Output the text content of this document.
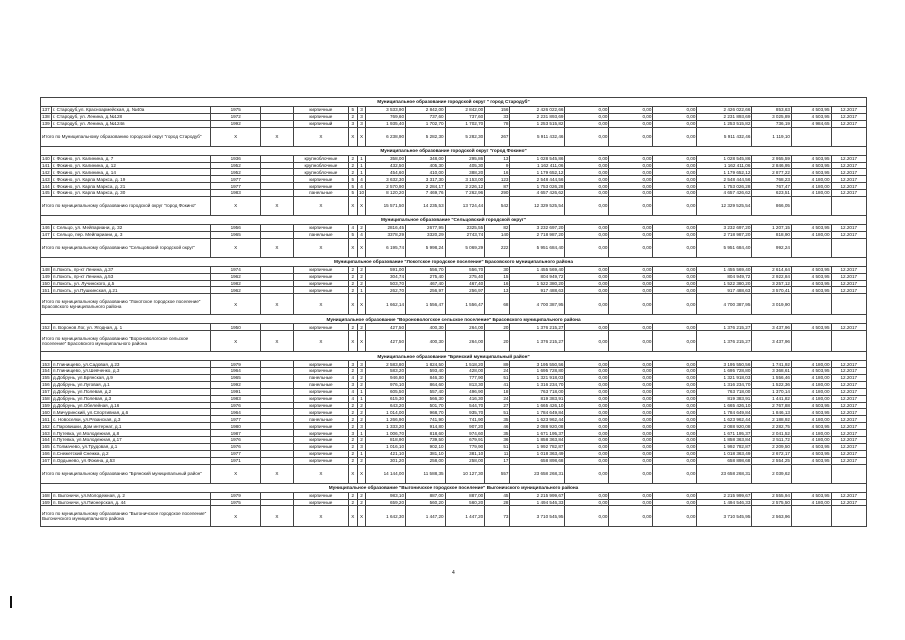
Муниципальное образование городской округ " город Стародуб"																		
137	г. Стародуб,ул. Красноармейская, д. №40а	1975		кирпичные	5	3	3 533,90	2 842,00	2 842,00	156	2 426 022,66	0,00	0,00	0,00	2 426 022,66	853,63	4 503,95	12.2017
138	г. Стародуб, ул. Ленина, д.№128	1972		кирпичные	2	3	769,60	737,60	737,60	33	2 231 893,69	0,00	0,00	0,00	2 231 893,69	3 025,89	4 503,95	12.2017
139	г. Стародуб, ул. Ленина, д.№124в	1992		кирпичный	3	3	1 935,40	1 702,70	1 702,70	78	1 253 515,82	0,00	0,00	0,00	1 253 515,82	736,19	4 984,65	12.2017
Итого по Муниципальному образованию городской округ "город Стародуб"		X	X	X	X	X	6 238,90	5 282,30	5 282,30	267	5 911 432,46	0,00	0,00	0,00	5 911 432,46	1 119,10		
Муниципальное образование городской округ "город Фокино"																		
140	г. Фокино, ул. Калинина, д. 7	1936		крупноблочные	2	1	358,00	348,00	295,86	13	1 028 545,86	0,00	0,00	0,00	1 028 545,86	2 955,59	4 503,95	12.2017
141	г. Фокино, ул. Калинина, д. 12	1952		крупноблочные	2	1	432,50	405,30	405,30	9	1 162 411,06	0,00	0,00	0,00	1 162 411,06	2 846,95	4 503,95	12.2017
142	г. Фокино, ул. Калинина, д. 14	1952		крупноблочные	2	1	454,60	410,00	388,20	16	1 179 652,12	0,00	0,00	0,00	1 179 652,12	2 877,22	4 503,95	12.2017
143	г. Фокино, ул. Карла Маркса, д. 19	1977		кирпичные	5	4	3 632,30	3 317,30	3 153,00	123	2 548 444,56	0,00	0,00	0,00	2 548 444,56	768,23	4 180,00	12.2017
144	г. Фокино, ул. Карла Маркса, д. 21	1977		кирпичные	5	4	2 570,90	2 284,17	2 226,12	87	1 753 026,28	0,00	0,00	0,00	1 753 026,28	767,47	4 180,00	12.2017
145	г. Фокино, ул. Карла Маркса, д. 30	1983		панельные	5	10	8 120,20	7 469,76	7 262,96	290	4 657 426,62	0,00	0,00	0,00	4 657 426,62	623,51	4 180,00	12.2017
Итого по муниципальному образованию городской округ "город Фокино"		X	X	X	X	X	15 571,50	14 235,53	13 724,44	542	12 329 525,54	0,00	0,00	0,00	12 329 525,54	866,05		
Муниципальное образование "Сельцовский городской округ"																		
146	г. Сельцо, ул. Мейпариани, д. 32	1956		кирпичные	4	2	2816,45	2677,95	2325,55	82	3 232 697,20	0,00	0,00	0,00	3 232 697,20	1 207,15	4 503,95	12.2017
147	г. Сельцо, пер. Мейпариани, д. 3	1965		панельные	5	4	3378,29	3320,29	2743,74	140	2 718 987,20	0,00	0,00	0,00	2 718 987,20	818,90	4 180,00	12.2017
Итого по муниципальному образованию "Сельцовский городской округ"		X	X	X	X	X	6 195,74	5 998,24	5 069,29	222	5 951 684,40	0,00	0,00	0,00	5 951 684,40	992,24		
Муниципальное образование "Локотское городское поселение" Брасовского муниципального района																		
148	п.Локоть, пр-кт Ленина, д.37	1974		кирпичные	2	2	591,00	556,70	556,70	30	1 455 569,40	0,00	0,00	0,00	1 455 569,40	2 614,64	4 503,95	12.2017
149	п.Локоть, пр-кт Ленина, д.53	1962		кирпичные	2	2	304,74	275,40	275,40	15	804 949,72	0,00	0,00	0,00	804 949,72	2 922,84	4 503,95	12.2017
150	п.Локоть, ул. Лучинского, д.5	1982		кирпичные	2	2	503,70	467,40	467,40	16	1 522 380,20	0,00	0,00	0,00	1 522 380,20	3 257,12	4 503,95	12.2017
151	п.Локоть, ул.Пушкинская, д.21	1962		кирпичные	2	1	262,70	256,97	256,97	13	917 488,63	0,00	0,00	0,00	917 488,63	3 570,41	4 503,95	12.2017
Итого по муниципальному образованию "Локотское городское поселение" Брасовского муниципального района		X	X	X	X	X	1 662,14	1 556,47	1 556,47	68	4 700 387,95	0,00	0,00	0,00	4 700 387,95	3 019,90		
Муниципальное образование "Вороновологское сельское поселение" Брасовского муниципального района																		
152	п. Воронов Лог, ул. Ягодная, д. 1	1950		кирпичные	2	2	427,50	400,30	264,00	20	1 376 215,27	0,00	0,00	0,00	1 376 215,27	3 437,96	4 503,95	12.2017
Итого по муниципальному образованию "Вороновологское сельское поселение" Брасовского муниципального района		X	X	X	X	X	427,50	400,30	264,00	20	1 376 215,27	0,00	0,00	0,00	1 376 215,27	3 437,96		
Муниципальное образование "Брянский муниципальный район"																		
153	п.Глинищево, ул.Садовая, д.23	1979		кирпичные	3	3	2 583,80	1 824,50	1 518,20	89	3 195 550,56	0,00	0,00	0,00	3 195 550,56	1 741,92	4 180,00	12.2017
154	п.Глинищево, ул.Шевченко, д.3	1964		кирпичные	2	3	583,20	593,40	428,00	24	1 695 728,80	0,00	0,00	0,00	1 695 728,80	3 368,61	4 503,95	12.2017
155	д.Добрунь, ул.Брянская, д.9	1965		панельные	4	2	946,80	846,30	777,90	51	1 321 918,03	0,00	0,00	0,00	1 321 918,03	1 556,46	4 180,00	12.2017
156	д.Добрунь, ул.Луговая, д.1	1992		панельные	3	2	976,10	864,60	813,30	41	1 316 234,70	0,00	0,00	0,00	1 316 234,70	1 522,36	4 180,00	12.2017
157	д.Добрунь, ул.Полевая, д.2	1991		кирпичные	4	1	605,50	557,40	496,90	18	763 718,00	0,00	0,00	0,00	763 718,00	1 370,14	4 180,00	12.2017
158	д.Добрунь, ул.Полевая, д.3	1983		кирпичные	4	1	615,30	566,30	416,30	24	819 383,91	0,00	0,00	0,00	819 383,91	1 441,82	4 180,00	12.2017
159	д.Добрунь, ул.Обелейная, д.16	1976		кирпичные	2	2	643,20	501,70	544,70	27	1 665 426,10	0,00	0,00	0,00	1 665 426,10	2 767,88	4 503,95	12.2017
160	п.Мичуринский, ул.Спортивная, д.6	1964		кирпичные	2	2	1 014,00	968,70	935,70	51	1 784 649,84	0,00	0,00	0,00	1 784 649,84	1 846,13	4 503,95	12.2017
161	с. Новоселки, ул.Рязанская, д.3	1977		панельные	2	2	1 266,90	741,90	741,90	35	1 623 962,44	0,00	0,00	0,00	1 623 962,44	2 188,92	4 180,00	12.2017
162	с.Паровишки, Дом интернат, д.1	1980		кирпичные	2	3	1 333,20	914,80	907,20	46	2 088 920,08	0,00	0,00	0,00	2 088 920,08	2 282,75	4 503,95	12.2017
163	п.Путевка, ул.Молодежная, д.8	1987		кирпичные	3	1	1 006,70	818,60	974,60	35	1 671 195,37	0,00	0,00	0,00	1 671 195,37	2 041,52	4 180,00	12.2017
164	п.Путевка, ул.Молодежная, д.17	1976		кирпичные	2	2	818,90	739,50	679,91	36	1 858 363,84	0,00	0,00	0,00	1 858 363,84	2 511,72	4 180,00	12.2017
165	с.Толмачево, ул.Трудовая, д.1	1976		кирпичные	2	3	1 016,10	902,10	779,90	51	1 992 782,87	0,00	0,00	0,00	1 992 782,87	2 209,50	4 503,95	12.2017
166	п.Снежетский Снежка, д.2	1977		кирпичные	2	1	421,10	381,10	381,10	11	1 018 363,49	0,00	0,00	0,00	1 018 363,49	2 672,17	4 503,95	12.2017
167	п.Ордынево, ул.Фокина, д.53	1971		кирпичные	2	2	301,20	258,00	258,00	17	658 898,68	0,00	0,00	0,00	658 898,68	2 554,25	4 503,95	12.2017
Итого по муниципальному образованию "Брянский муниципальный район"		X	X	X	X	X	14 144,00	11 588,35	10 127,30	557	23 658 268,31	0,00	0,00	0,00	23 658 268,31	2 039,62		
Муниципальное образование "Выгоничское городское поселение" Выгоничского муниципального района																		
168	п. Выгоничи, ул.Молодежная, д. 2	1979		кирпичные	2	2	983,10	887,00	887,00	45	2 215 999,67	0,00	0,00	0,00	2 215 999,67	2 555,94	4 503,95	12.2017
169	п. Выгоничи, ул.Пионерская, д. 44	1975		кирпичные	2	2	659,20	560,20	560,20	28	1 494 546,33	0,00	0,00	0,00	1 494 546,33	2 575,50	4 180,00	12.2017
Итого по муниципальному образованию "Выгоничское городское поселение" Выгоничского муниципального района		X	X	X	X	X	1 642,30	1 447,20	1 447,20	73	3 710 545,95	0,00	0,00	0,00	3 710 545,95	2 563,96		
4
